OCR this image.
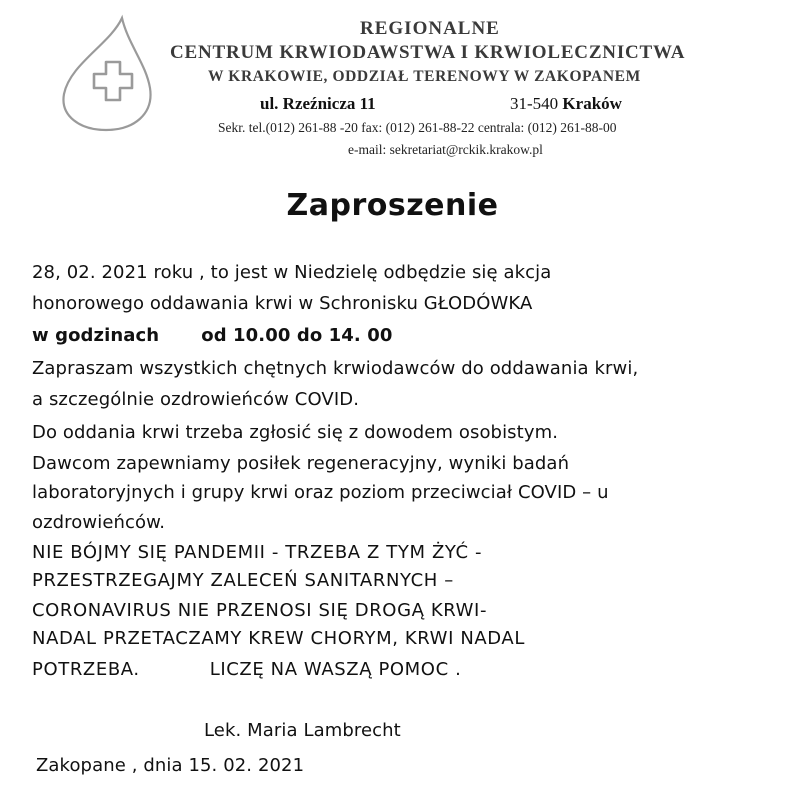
REGIONALNE
CENTRUM KRWIODAWSTWA I KRWIOLECZNICTWA
W KRAKOWIE, ODDZIAŁ TERENOWY W ZAKOPANEM
ul. Rzeźnicza 11	31-540 Kraków
Sekr. tel.(012) 261-88 -20 fax: (012) 261-88-22 centrala: (012) 261-88-00
e-mail: sekretariat@rckik.krakow.pl
Zaproszenie
28, 02. 2021 roku , to jest w Niedzielę odbędzie się akcja
honorowego oddawania krwi w Schronisku GŁODÓWKA
w godzinach od 10.00 do 14. 00
Zapraszam wszystkich chętnych krwiodawców do oddawania krwi,
a szczególnie ozdrowieńców COVID.
Do oddania krwi trzeba zgłosić się z dowodem osobistym.
Dawcom zapewniamy posiłek regeneracyjny, wyniki badań
laboratoryjnych i grupy krwi oraz poziom przeciwciał COVID – u
ozdrowieńców.
NIE BÓJMY SIĘ PANDEMII - TRZEBA Z TYM ŻYĆ -
PRZESTRZEGAJMY ZALECEŃ SANITARNYCH –
CORONAVIRUS NIE PRZENOSI SIĘ DROGĄ KRWI-
NADAL PRZETACZAMY KREW CHORYM, KRWI NADAL
POTRZEBA.	LICZĘ NA WASZĄ POMOC .
Lek. Maria Lambrecht
Zakopane , dnia 15. 02. 2021
